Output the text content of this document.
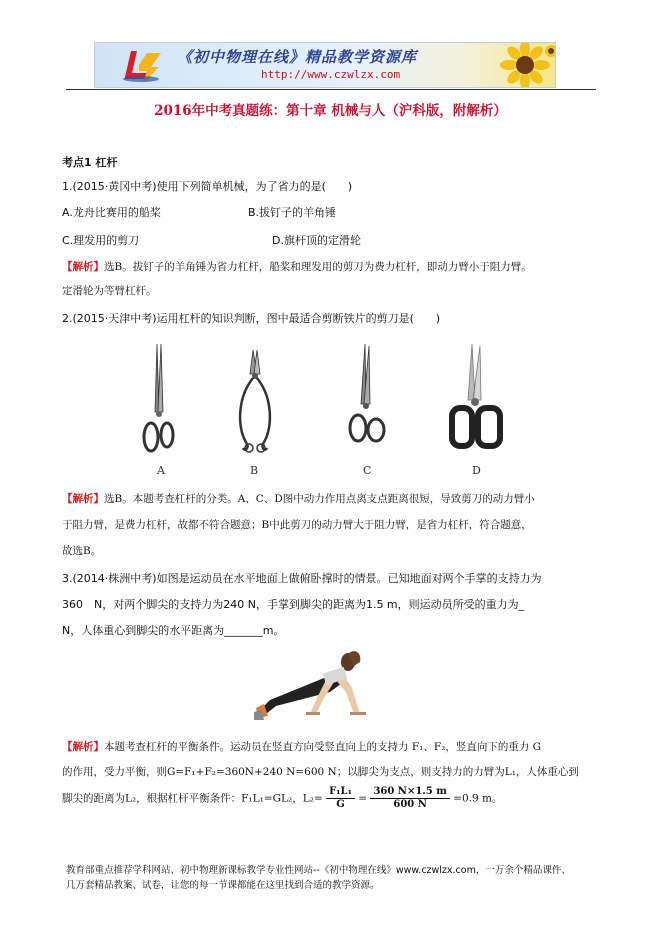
《初中物理在线》精品教学资源库
http://www.czwlzx.com
2016年中考真题练：第十章 机械与人（沪科版，附解析）
考点1 杠杆
1.(2015·黄冈中考)使用下列简单机械，为了省力的是(　　)
A.龙舟比赛用的船桨	B.拔钉子的羊角锤
C.理发用的剪刀	D.旗杆顶的定滑轮
【解析】选B。拔钉子的羊角锤为省力杠杆，船桨和理发用的剪刀为费力杠杆，即动力臂小于阻力臂。
定滑轮为等臂杠杆。
2.(2015·天津中考)运用杠杆的知识判断，图中最适合剪断铁片的剪刀是(　　)
A	B	C	D
【解析】选B。本题考查杠杆的分类。A、C、D图中动力作用点离支点距离很短，导致剪刀的动力臂小
于阻力臂，是费力杠杆，故都不符合题意；B中此剪刀的动力臂大于阻力臂，是省力杠杆，符合题意，
故选B。
3.(2014·株洲中考)如图是运动员在水平地面上做俯卧撑时的情景。已知地面对两个手掌的支持力为
360　N，对两个脚尖的支持力为240 N，手掌到脚尖的距离为1.5 m，则运动员所受的重力为_
N，人体重心到脚尖的水平距离为_______m。
【解析】本题考查杠杆的平衡条件。运动员在竖直方向受竖直向上的支持力 F₁、F₂，竖直向下的重力 G
的作用，受力平衡，则G=F₁+F₂=360N+240 N=600 N；以脚尖为支点，则支持力的力臂为L₁，人体重心到
脚尖的距离为L₂，根据杠杆平衡条件：F₁L₁=GL₂，$L_2= \frac{\text{F₁L₁}}{G} = \frac{360 N\times 1.5 m}{600 N} =0.9$ m。
教育部重点推荐学科网站、初中物理新课标教学专业性网站--《初中物理在线》www.czwlzx.com，一万余个精品课件、
几万套精品教案、试卷，让您的每一节课都能在这里找到合适的教学资源。
